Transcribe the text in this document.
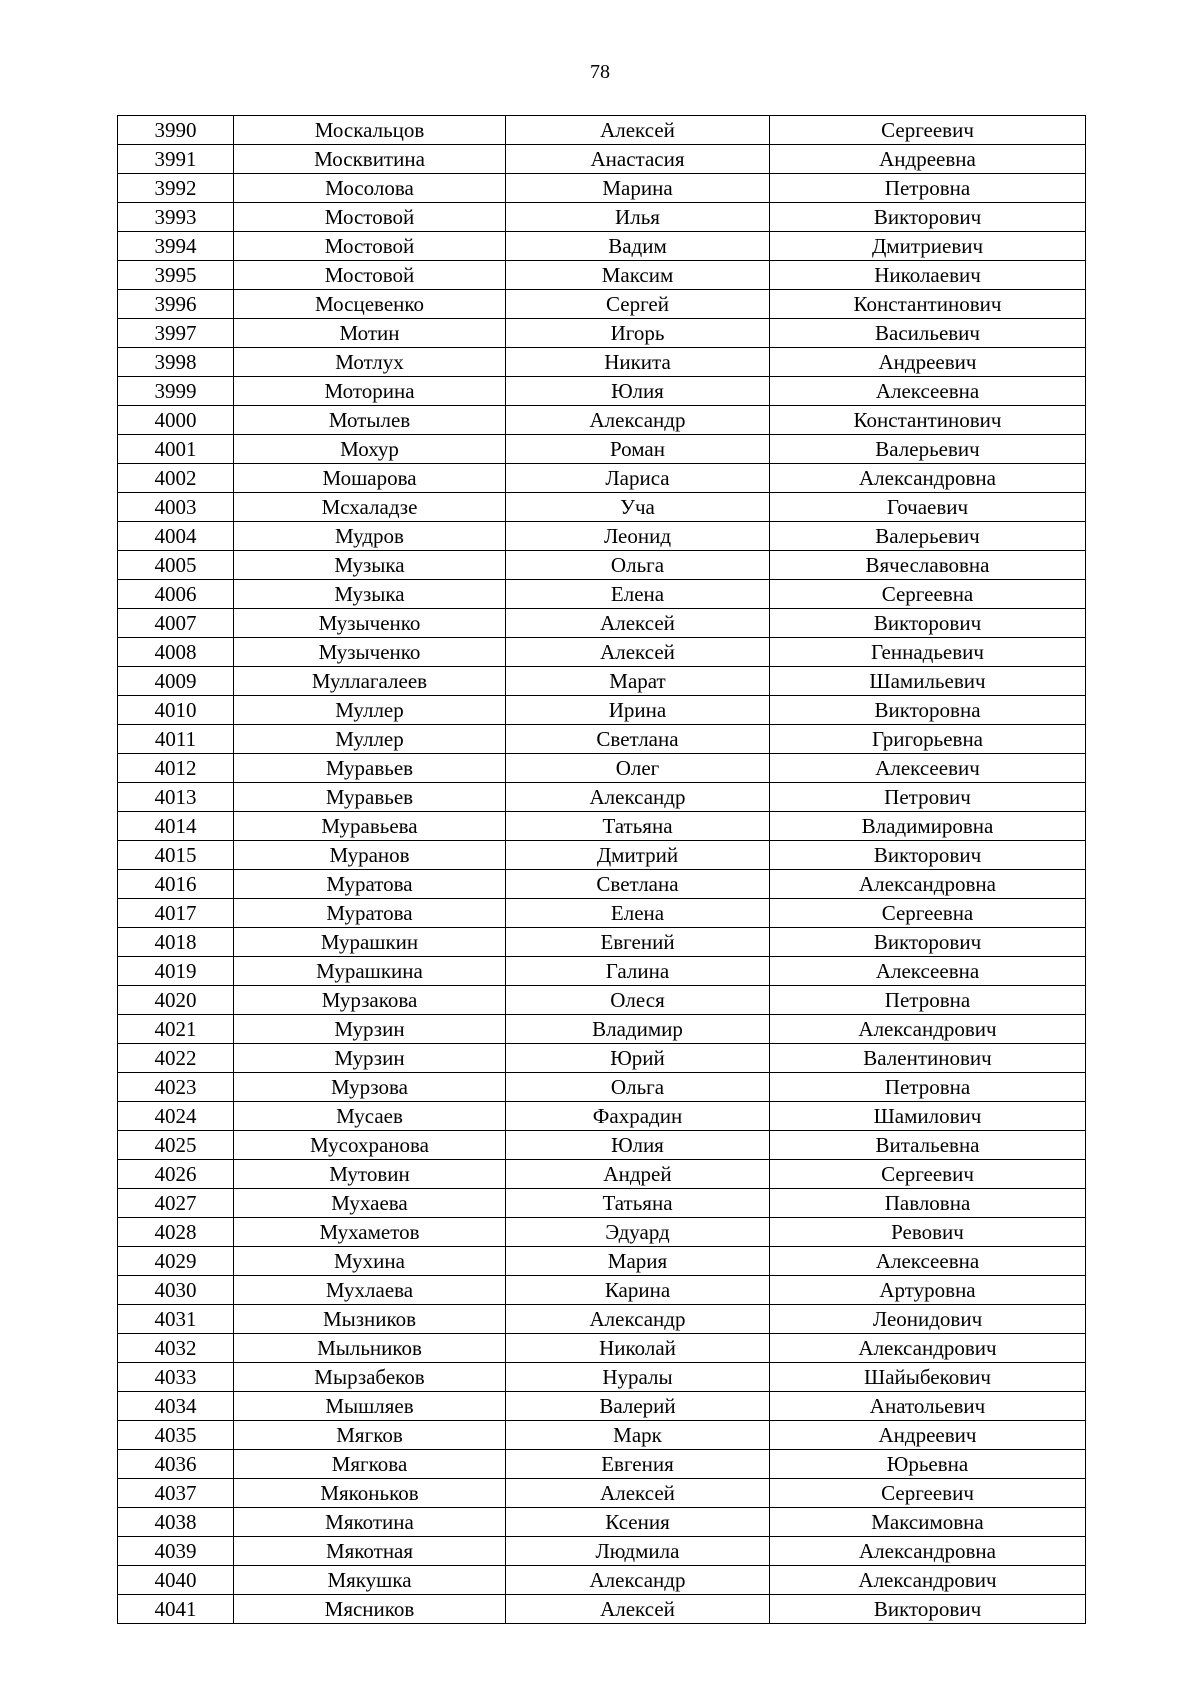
78
3990	Москальцов	Алексей	Сергеевич
3991	Москвитина	Анастасия	Андреевна
3992	Мосолова	Марина	Петровна
3993	Мостовой	Илья	Викторович
3994	Мостовой	Вадим	Дмитриевич
3995	Мостовой	Максим	Николаевич
3996	Мосцевенко	Сергей	Константинович
3997	Мотин	Игорь	Васильевич
3998	Мотлух	Никита	Андреевич
3999	Моторина	Юлия	Алексеевна
4000	Мотылев	Александр	Константинович
4001	Мохур	Роман	Валерьевич
4002	Мошарова	Лариса	Александровна
4003	Мсхаладзе	Уча	Гочаевич
4004	Мудров	Леонид	Валерьевич
4005	Музыка	Ольга	Вячеславовна
4006	Музыка	Елена	Сергеевна
4007	Музыченко	Алексей	Викторович
4008	Музыченко	Алексей	Геннадьевич
4009	Муллагалеев	Марат	Шамильевич
4010	Муллер	Ирина	Викторовна
4011	Муллер	Светлана	Григорьевна
4012	Муравьев	Олег	Алексеевич
4013	Муравьев	Александр	Петрович
4014	Муравьева	Татьяна	Владимировна
4015	Муранов	Дмитрий	Викторович
4016	Муратова	Светлана	Александровна
4017	Муратова	Елена	Сергеевна
4018	Мурашкин	Евгений	Викторович
4019	Мурашкина	Галина	Алексеевна
4020	Мурзакова	Олеся	Петровна
4021	Мурзин	Владимир	Александрович
4022	Мурзин	Юрий	Валентинович
4023	Мурзова	Ольга	Петровна
4024	Мусаев	Фахрадин	Шамилович
4025	Мусохранова	Юлия	Витальевна
4026	Мутовин	Андрей	Сергеевич
4027	Мухаева	Татьяна	Павловна
4028	Мухаметов	Эдуард	Ревович
4029	Мухина	Мария	Алексеевна
4030	Мухлаева	Карина	Артуровна
4031	Мызников	Александр	Леонидович
4032	Мыльников	Николай	Александрович
4033	Мырзабеков	Нуралы	Шайыбекович
4034	Мышляев	Валерий	Анатольевич
4035	Мягков	Марк	Андреевич
4036	Мягкова	Евгения	Юрьевна
4037	Мяконьков	Алексей	Сергеевич
4038	Мякотина	Ксения	Максимовна
4039	Мякотная	Людмила	Александровна
4040	Мякушка	Александр	Александрович
4041	Мясников	Алексей	Викторович
